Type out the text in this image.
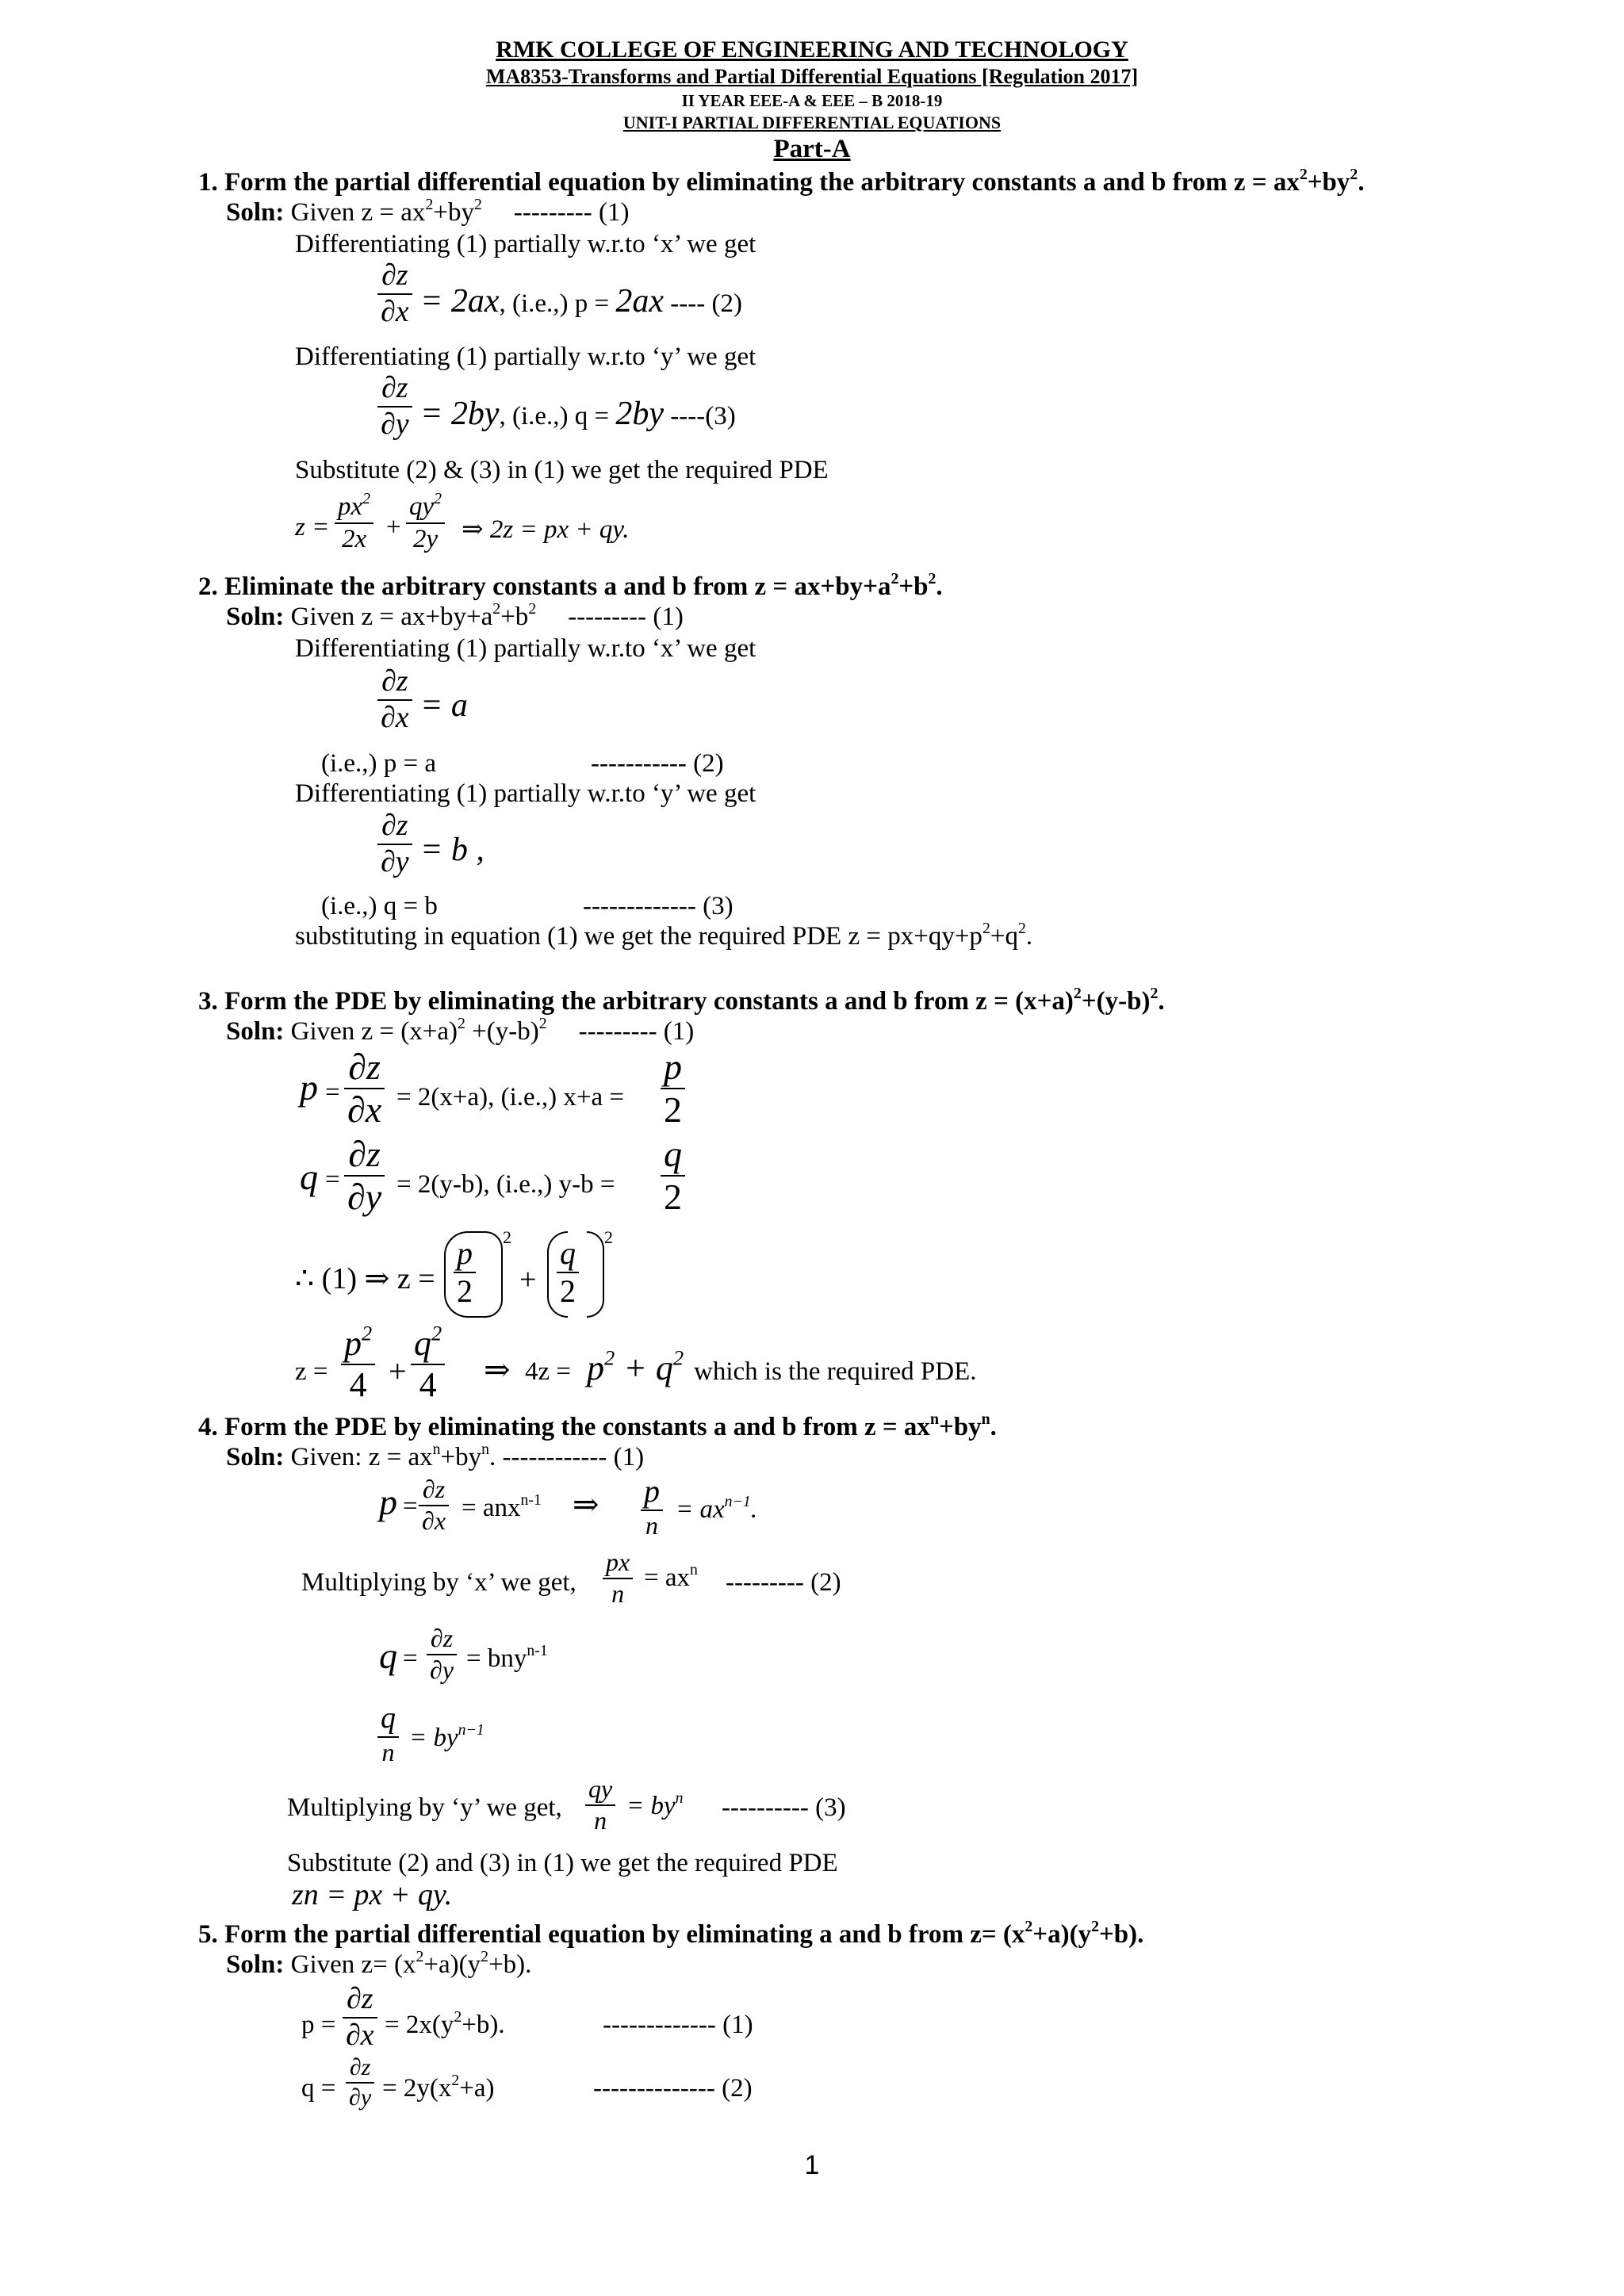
RMK COLLEGE OF ENGINEERING AND TECHNOLOGY
MA8353-Transforms and Partial Differential Equations [Regulation 2017]
II YEAR EEE-A & EEE – B 2018-19
UNIT-I PARTIAL DIFFERENTIAL EQUATIONS
Part-A
1. Form the partial differential equation by eliminating the arbitrary constants a and b from $z = ax^2+by^2$.
Soln: Given $z = ax^2+by^2$ --------- (1)
Differentiating (1) partially w.r.to ‘x’ we get
∂z
∂x = 2ax, (i.e.,) p = 2ax ---- (2)
Differentiating (1) partially w.r.to ‘y’ we get
∂z
∂y = 2by, (i.e.,) q = 2by ----(3)
Substitute (2) & (3) in (1) we get the required PDE
z =
$px^2$
2x +
$qy^2$
2y ⇒ 2z = px + qy.
2. Eliminate the arbitrary constants a and b from $z = ax+by+a^2+b^2$.
Soln: Given $z = ax+by+a^2+b^2$ --------- (1)
Differentiating (1) partially w.r.to ‘x’ we get
∂z
∂x = a
(i.e.,) p = a	----------- (2)
Differentiating (1) partially w.r.to ‘y’ we get
∂z
∂y = b ,
(i.e.,) q = b	------------- (3)
substituting in equation (1) we get the required PDE $z = px+qy+p^2+q^2$.
3. Form the PDE by eliminating the arbitrary constants a and b from $z = (x+a)^2+(y-b)^2$.
Soln: Given $z = (x+a)^2 +(y-b)^2$ --------- (1)
p =
∂z
∂x = 2(x+a), (i.e.,) x+a =
p
2
q =
∂z
∂y = 2(y-b), (i.e.,) y-b =
q
2
∴ (1) ⇒ z =
p
2
2
+
q
2
2
z =
$p^2$
4 +
$q^2$
4 ⇒ $4z = p^2 + q^2$ which is the required PDE.
4. Form the PDE by eliminating the constants a and b from $z = ax^n+by^n$.
Soln: Given: $z = ax^n+by^n$. ------------ (1)
p =
∂z
∂x = anx$^{n-1}$ ⇒ p
n
= $ax^{n-1}$.
Multiplying by ‘x’ we get,
px
n
= $ax^n$ --------- (2)
q =
∂z
∂y = bny$^{n-1}$
q
$n = by^{n-1}$
Multiplying by ‘y’ we get,
qy
$n = by^n$ ---------- (3)
Substitute (2) and (3) in (1) we get the required PDE
zn = px + qy.
5. Form the partial differential equation by eliminating a and b from $z= (x^2+a)(y^2+b)$.
Soln: Given $z= (x^2+a)(y^2+b)$.
p =
∂z
$\partial x = 2x(y^2+b)$.	------------- (1)
q =
∂z
$\partial y = 2y(x^2+a)$	-------------- (2)
1
